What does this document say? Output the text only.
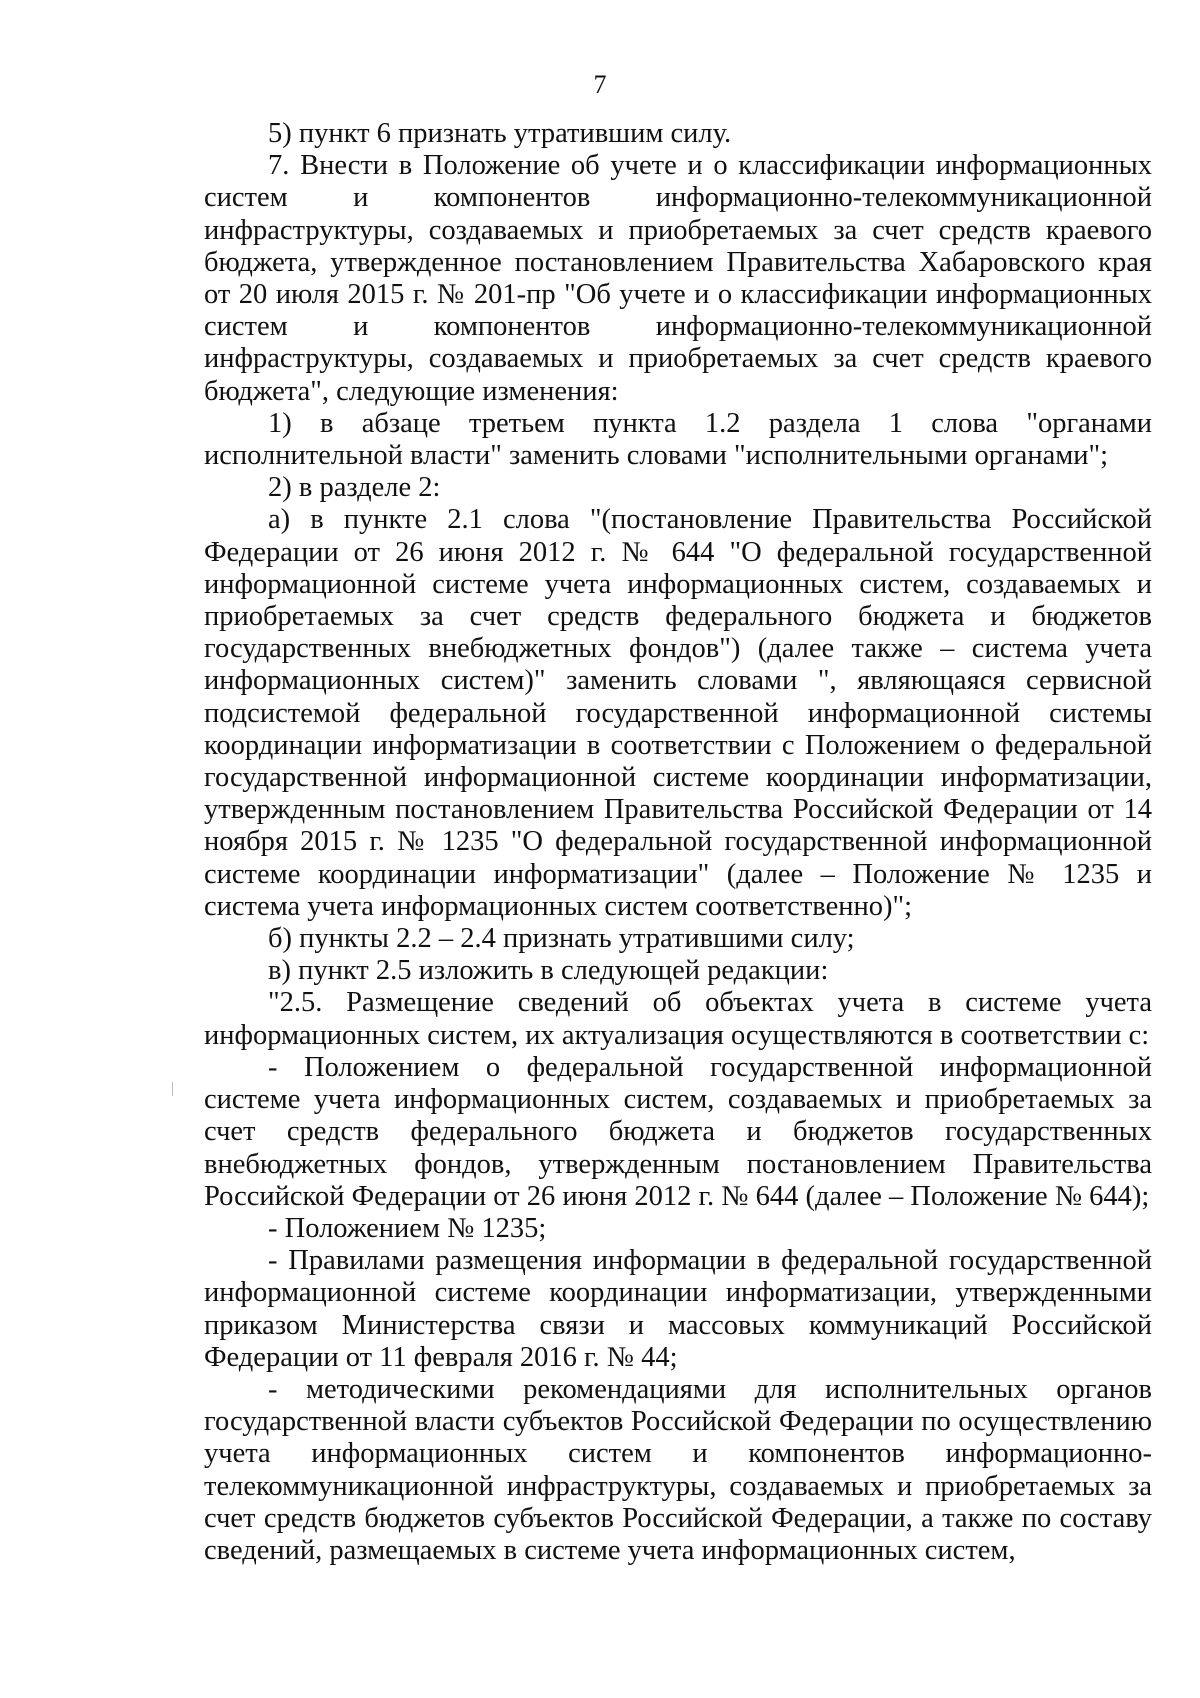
7

5) пункт 6 признать утратившим силу.

7. Внести в Положение об учете и о классификации информационных систем и компонентов информационно-телекоммуникационной инфраструктуры, создаваемых и приобретаемых за счет средств краевого бюджета, утвержденное постановлением Правительства Хабаровского края от 20 июля 2015 г. № 201-пр "Об учете и о классификации информационных систем и компонентов информационно-телекоммуникационной инфраструктуры, создаваемых и приобретаемых за счет средств краевого бюджета", следующие изменения:

1) в абзаце третьем пункта 1.2 раздела 1 слова "органами исполнительной власти" заменить словами "исполнительными органами";

2) в разделе 2:

а) в пункте 2.1 слова "(постановление Правительства Российской Федерации от 26 июня 2012 г. № 644 "О федеральной государственной информационной системе учета информационных систем, создаваемых и приобретаемых за счет средств федерального бюджета и бюджетов государственных внебюджетных фондов") (далее также – система учета информационных систем)" заменить словами ", являющаяся сервисной подсистемой федеральной государственной информационной системы координации информатизации в соответствии с Положением о федеральной государственной информационной системе координации информатизации, утвержденным постановлением Правительства Российской Федерации от 14 ноября 2015 г. № 1235 "О федеральной государственной информационной системе координации информатизации" (далее – Положение № 1235 и система учета информационных систем соответственно)";

б) пункты 2.2 – 2.4 признать утратившими силу;

в) пункт 2.5 изложить в следующей редакции:

"2.5. Размещение сведений об объектах учета в системе учета информационных систем, их актуализация осуществляются в соответствии с:

- Положением о федеральной государственной информационной системе учета информационных систем, создаваемых и приобретаемых за счет средств федерального бюджета и бюджетов государственных внебюджетных фондов, утвержденным постановлением Правительства Российской Федерации от 26 июня 2012 г. № 644 (далее – Положение № 644);

- Положением № 1235;

- Правилами размещения информации в федеральной государственной информационной системе координации информатизации, утвержденными приказом Министерства связи и массовых коммуникаций Российской Федерации от 11 февраля 2016 г. № 44;

- методическими рекомендациями для исполнительных органов государственной власти субъектов Российской Федерации по осуществлению учета информационных систем и компонентов информационно-телекоммуникационной инфраструктуры, создаваемых и приобретаемых за счет средств бюджетов субъектов Российской Федерации, а также по составу сведений, размещаемых в системе учета информационных систем,
